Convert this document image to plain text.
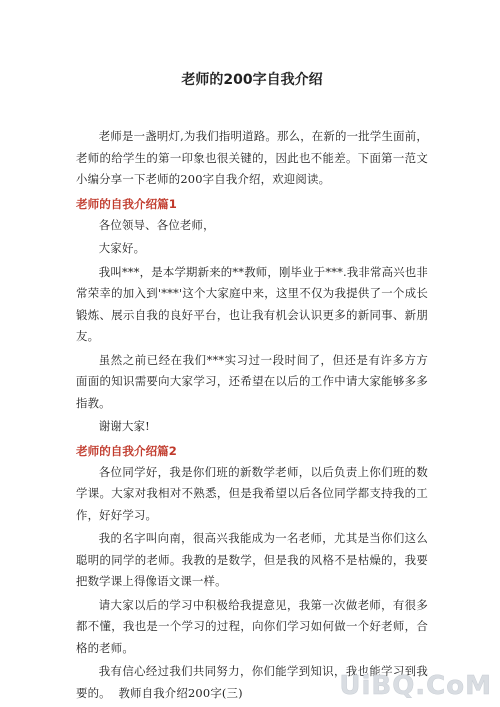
老师的200字自我介绍

老师是一盏明灯,为我们指明道路。那么，在新的一批学生面前，老师的给学生的第一印象也很关键的，因此也不能差。下面第一范文小编分享一下老师的200字自我介绍，欢迎阅读。

老师的自我介绍篇1

各位领导、各位老师，

大家好。

我叫***，是本学期新来的**教师，刚毕业于***.我非常高兴也非常荣幸的加入到'***'这个大家庭中来，这里不仅为我提供了一个成长锻炼、展示自我的良好平台，也让我有机会认识更多的新同事、新朋友。

虽然之前已经在我们***实习过一段时间了，但还是有许多方方面面的知识需要向大家学习，还希望在以后的工作中请大家能够多多指教。

谢谢大家!

老师的自我介绍篇2

各位同学好，我是你们班的新数学老师，以后负责上你们班的数学课。大家对我相对不熟悉，但是我希望以后各位同学都支持我的工作，好好学习。

我的名字叫向南，很高兴我能成为一名老师，尤其是当你们这么聪明的同学的老师。我教的是数学，但是我的风格不是枯燥的，我要把数学课上得像语文课一样。

请大家以后的学习中积极给我提意见，我第一次做老师，有很多都不懂，我也是一个学习的过程，向你们学习如何做一个好老师，合格的老师。

我有信心经过我们共同努力，你们能学到知识，我也能学习到我要的。 教师自我介绍200字(三)	UiBQ.CoM
